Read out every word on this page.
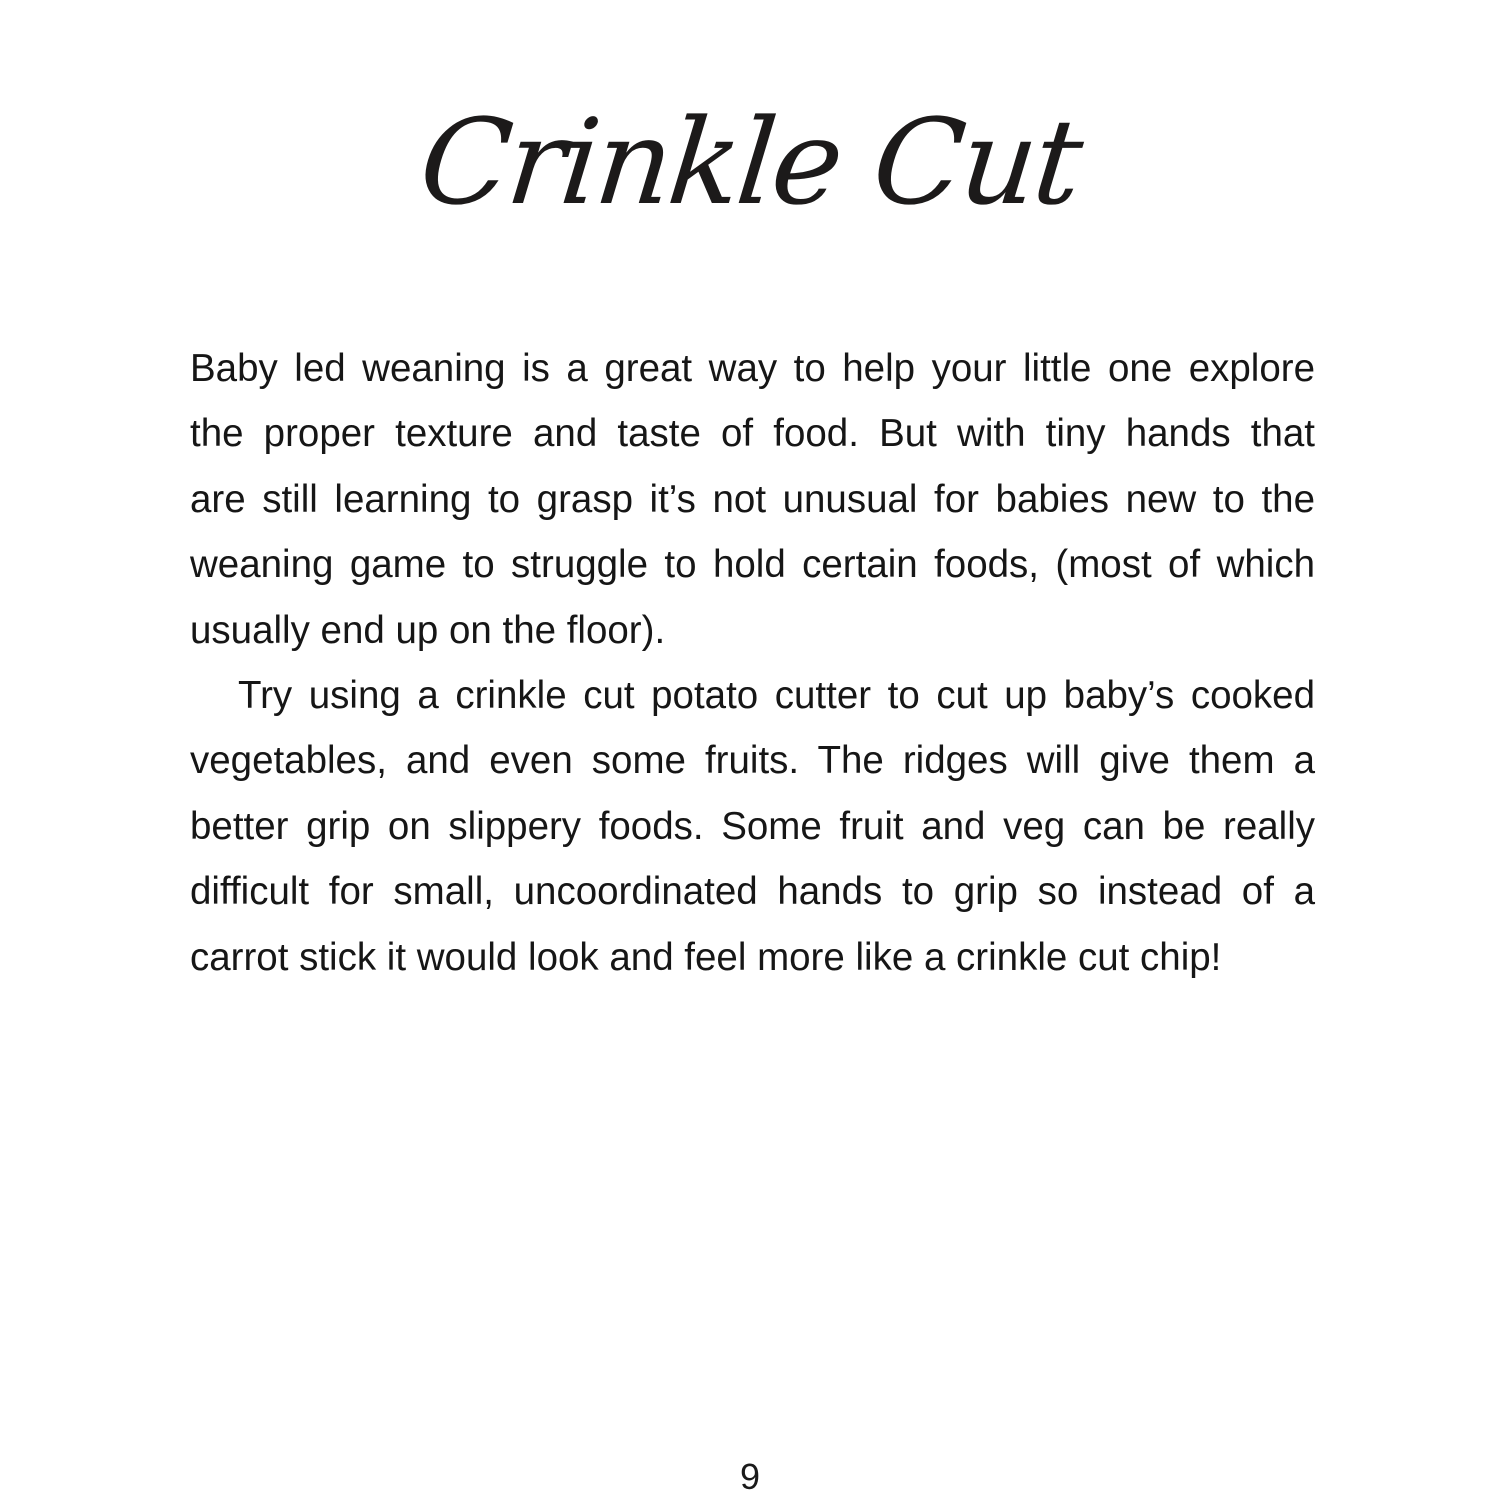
Crinkle Cut
Baby led weaning is a great way to help your little one explore
the proper texture and taste of food. But with tiny hands that
are still learning to grasp it’s not unusual for babies new to the
weaning game to struggle to hold certain foods, (most of which
usually end up on the floor).
Try using a crinkle cut potato cutter to cut up baby’s cooked
vegetables, and even some fruits. The ridges will give them a
better grip on slippery foods. Some fruit and veg can be really
difficult for small, uncoordinated hands to grip so instead of a
carrot stick it would look and feel more like a crinkle cut chip!
9
